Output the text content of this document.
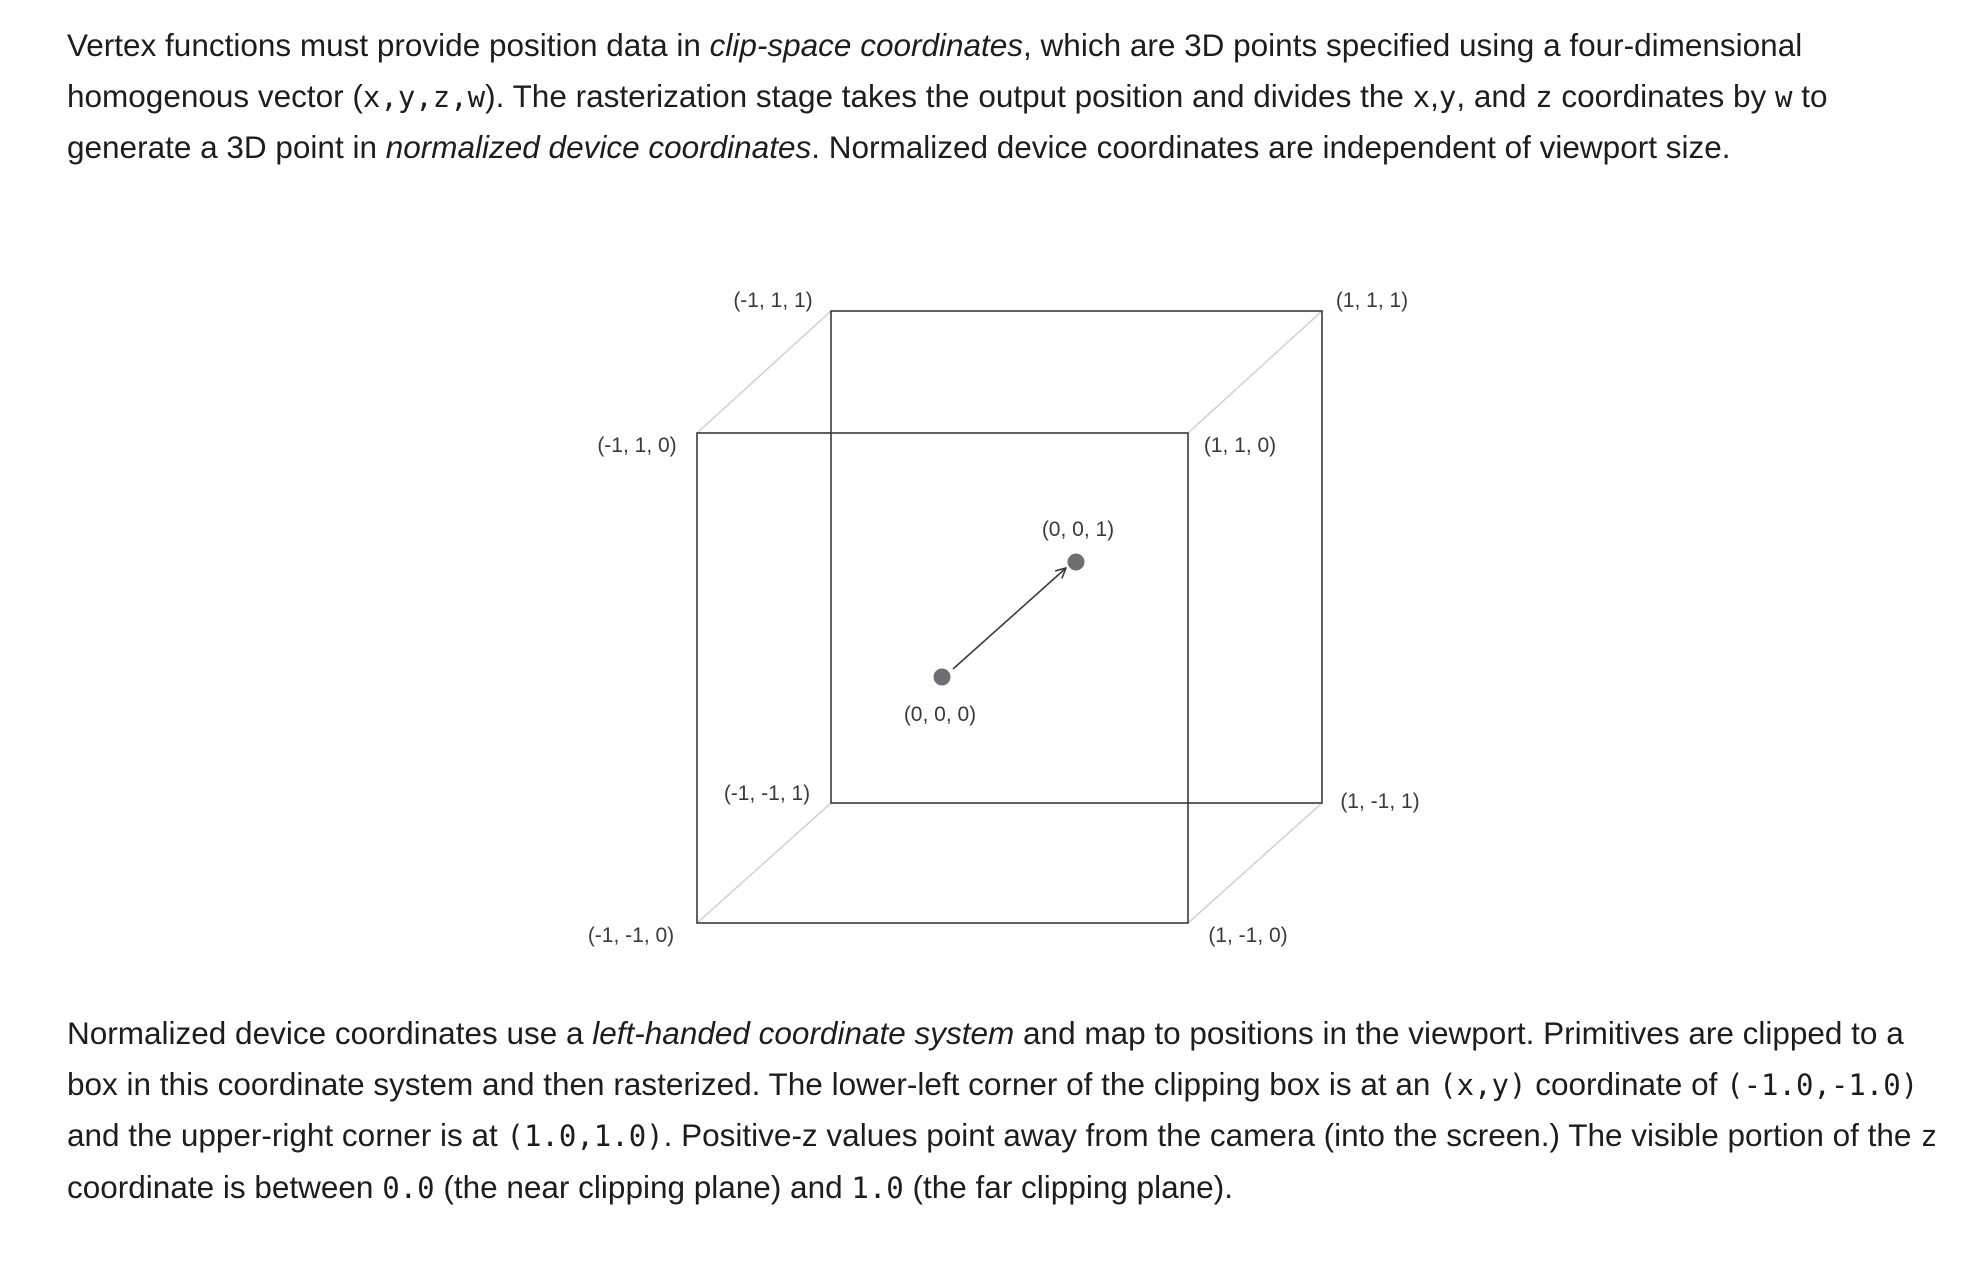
Vertex functions must provide position data in clip-space coordinates, which are 3D points specified using a four-dimensional homogenous vector (x,y,z,w). The rasterization stage takes the output position and divides the x,y, and z coordinates by w to generate a 3D point in normalized device coordinates. Normalized device coordinates are independent of viewport size.

(-1, 1, 1)	(1, 1, 1)
(-1, 1, 0)	(1, 1, 0)
(0, 0, 1)
(0, 0, 0)
(-1, -1, 1)	(1, -1, 1)
(-1, -1, 0)	(1, -1, 0)

Normalized device coordinates use a left-handed coordinate system and map to positions in the viewport. Primitives are clipped to a box in this coordinate system and then rasterized. The lower-left corner of the clipping box is at an (x,y) coordinate of (-1.0,-1.0) and the upper-right corner is at (1.0,1.0). Positive-z values point away from the camera (into the screen.) The visible portion of the z coordinate is between 0.0 (the near clipping plane) and 1.0 (the far clipping plane).
